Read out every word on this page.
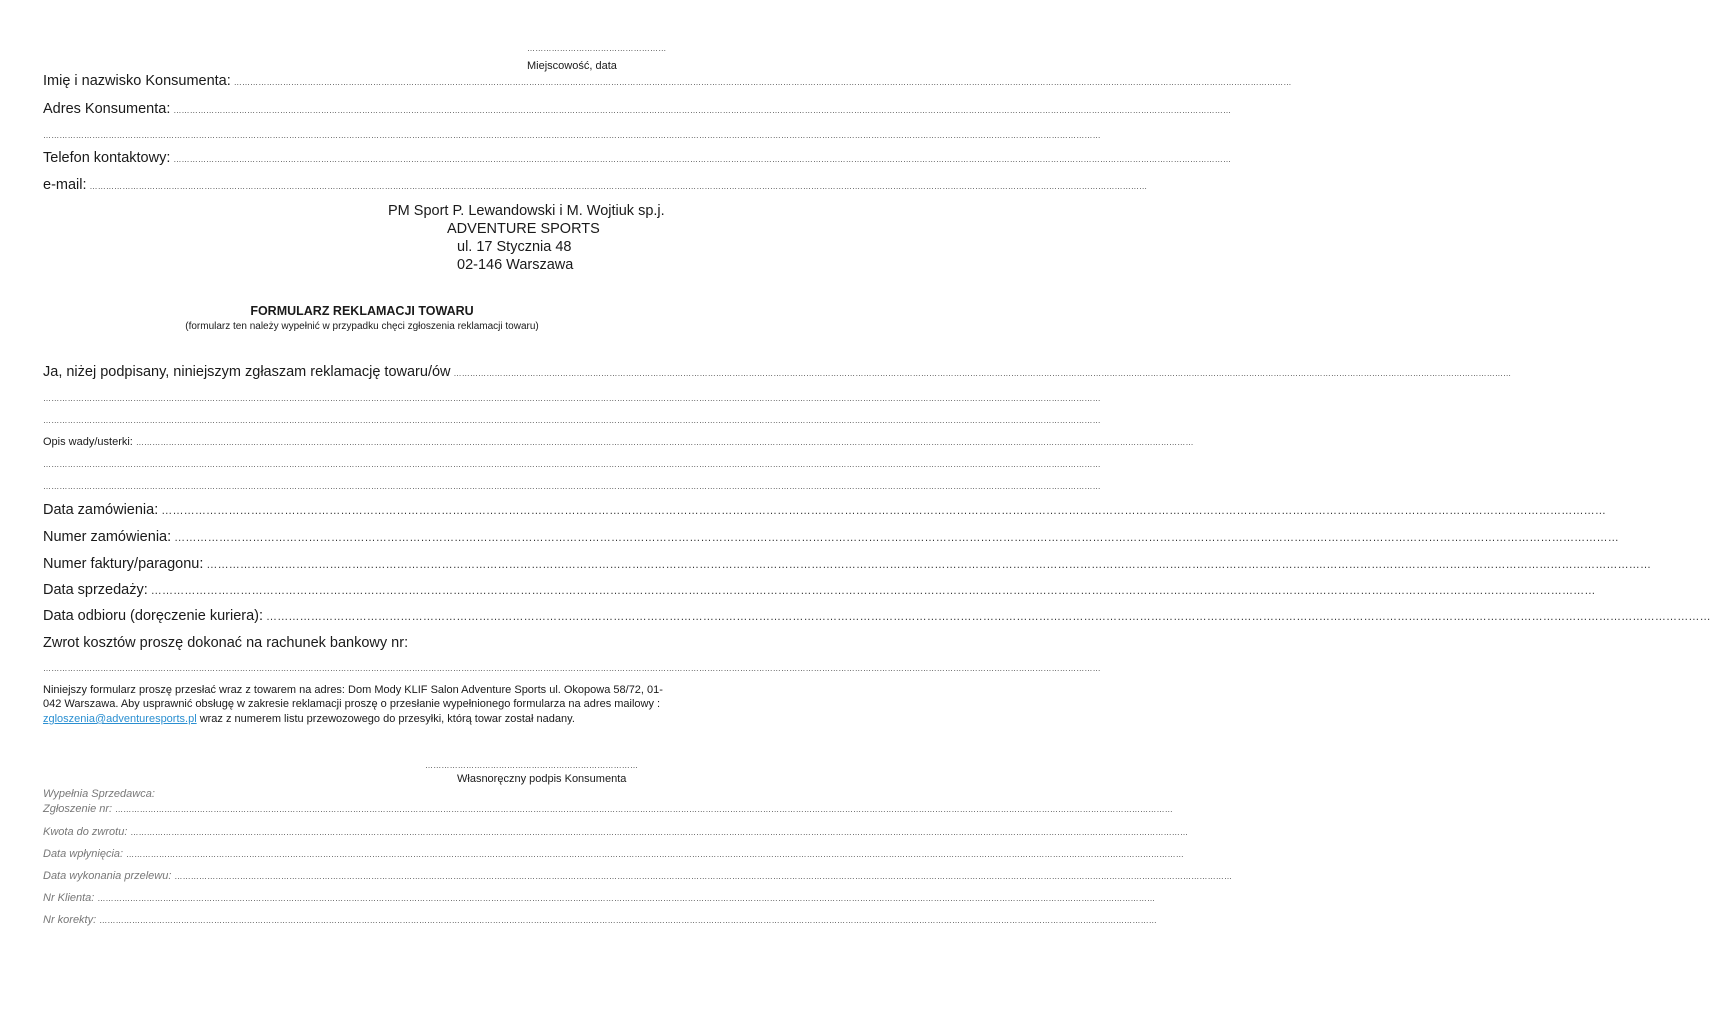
……………………………………………
Miejscowość, data
Imię i nazwisko Konsumenta: ………………………………………………………………………………………………………………………………………………………………………………………………………………………………………………………………………………………………………………………………………………………
Adres Konsumenta: ………………………………………………………………………………………………………………………………………………………………………………………………………………………………………………………………………………………………………………………………………………………
………………………………………………………………………………………………………………………………………………………………………………………………………………………………………………………………………………………………………………………………………………………
Telefon kontaktowy: ………………………………………………………………………………………………………………………………………………………………………………………………………………………………………………………………………………………………………………………………………………………
e-mail: ………………………………………………………………………………………………………………………………………………………………………………………………………………………………………………………………………………………………………………………………………………………
PM Sport P. Lewandowski i M. Wojtiuk sp.j.
ADVENTURE SPORTS
ul. 17 Stycznia 48
02-146 Warszawa
FORMULARZ REKLAMACJI TOWARU
(formularz ten należy wypełnić w przypadku chęci zgłoszenia reklamacji towaru)
Ja, niżej podpisany, niniejszym zgłaszam reklamację towaru/ów ………………………………………………………………………………………………………………………………………………………………………………………………………………………………………………………………………………………………………………………………………………………
………………………………………………………………………………………………………………………………………………………………………………………………………………………………………………………………………………………………………………………………………………………
………………………………………………………………………………………………………………………………………………………………………………………………………………………………………………………………………………………………………………………………………………………
Opis wady/usterki: ………………………………………………………………………………………………………………………………………………………………………………………………………………………………………………………………………………………………………………………………………………………
………………………………………………………………………………………………………………………………………………………………………………………………………………………………………………………………………………………………………………………………………………………
………………………………………………………………………………………………………………………………………………………………………………………………………………………………………………………………………………………………………………………………………………………
Data zamówienia: ………………………………………………………………………………………………………………………………………………………………………………………………………………………………………………………………………………………………………………………………………………………
Numer zamówienia: ………………………………………………………………………………………………………………………………………………………………………………………………………………………………………………………………………………………………………………………………………………………
Numer faktury/paragonu: ………………………………………………………………………………………………………………………………………………………………………………………………………………………………………………………………………………………………………………………………………………………
Data sprzedaży: ………………………………………………………………………………………………………………………………………………………………………………………………………………………………………………………………………………………………………………………………………………………
Data odbioru (doręczenie kuriera): ………………………………………………………………………………………………………………………………………………………………………………………………………………………………………………………………………………………………………………………………………………………
Zwrot kosztów proszę dokonać na rachunek bankowy nr:
………………………………………………………………………………………………………………………………………………………………………………………………………………………………………………………………………………………………………………………………………………………
Niniejszy formularz proszę przesłać wraz z towarem na adres: Dom Mody KLIF Salon Adventure Sports ul. Okopowa 58/72, 01-
042 Warszawa. Aby usprawnić obsługę w zakresie reklamacji proszę o przesłanie wypełnionego formularza na adres mailowy :
zgloszenia@adventuresports.pl wraz z numerem listu przewozowego do przesyłki, którą towar został nadany.
……………………………………………………………………
Własnoręczny podpis Konsumenta
Wypełnia Sprzedawca:
Zgłoszenie nr: ………………………………………………………………………………………………………………………………………………………………………………………………………………………………………………………………………………………………………………………………………………………
Kwota do zwrotu: ………………………………………………………………………………………………………………………………………………………………………………………………………………………………………………………………………………………………………………………………………………………
Data wpłynięcia: ………………………………………………………………………………………………………………………………………………………………………………………………………………………………………………………………………………………………………………………………………………………
Data wykonania przelewu: ………………………………………………………………………………………………………………………………………………………………………………………………………………………………………………………………………………………………………………………………………………………
Nr Klienta: ………………………………………………………………………………………………………………………………………………………………………………………………………………………………………………………………………………………………………………………………………………………
Nr korekty: ………………………………………………………………………………………………………………………………………………………………………………………………………………………………………………………………………………………………………………………………………………………
